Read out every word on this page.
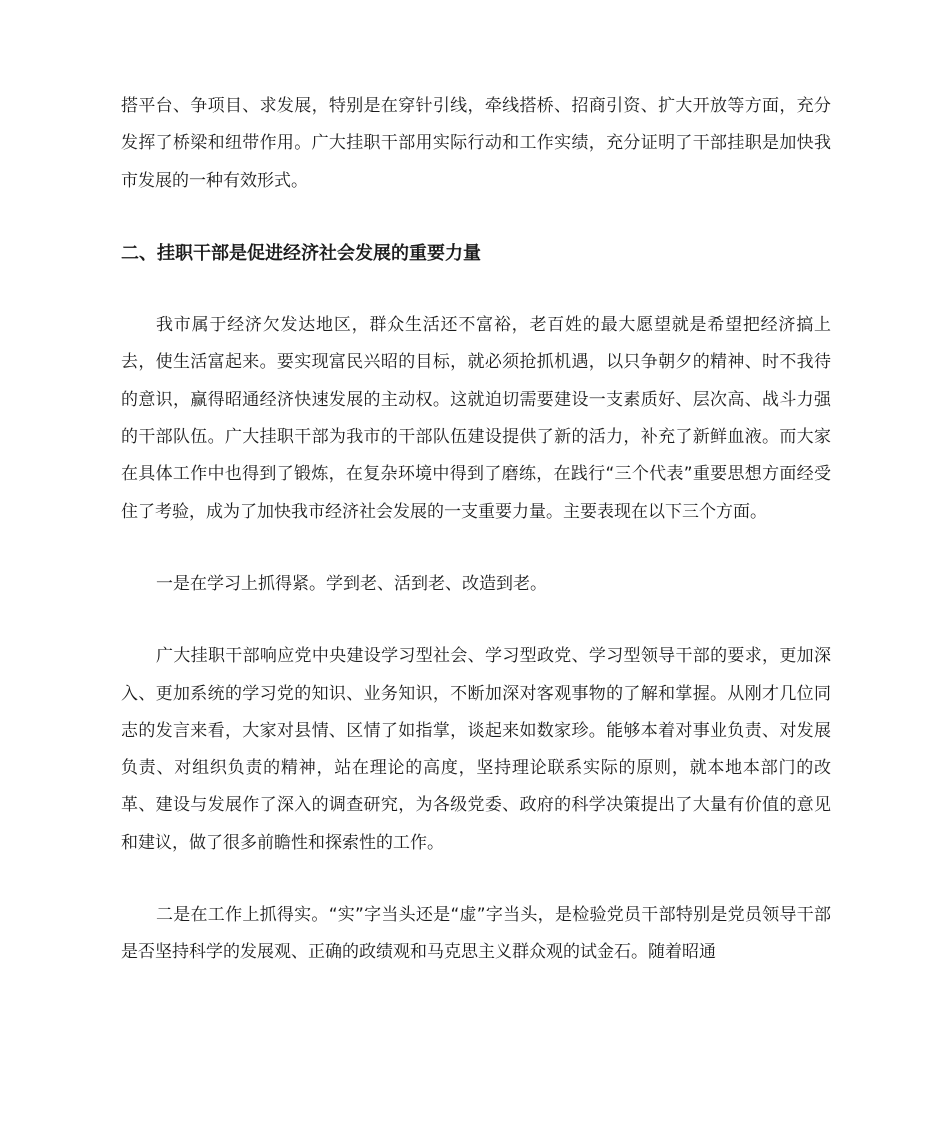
搭平台、争项目、求发展，特别是在穿针引线，牵线搭桥、招商引资、扩大开放等方面，充分发挥了桥梁和纽带作用。广大挂职干部用实际行动和工作实绩，充分证明了干部挂职是加快我市发展的一种有效形式。

二、挂职干部是促进经济社会发展的重要力量

我市属于经济欠发达地区，群众生活还不富裕，老百姓的最大愿望就是希望把经济搞上去，使生活富起来。要实现富民兴昭的目标，就必须抢抓机遇，以只争朝夕的精神、时不我待的意识，赢得昭通经济快速发展的主动权。这就迫切需要建设一支素质好、层次高、战斗力强的干部队伍。广大挂职干部为我市的干部队伍建设提供了新的活力，补充了新鲜血液。而大家在具体工作中也得到了锻炼，在复杂环境中得到了磨练，在践行“三个代表”重要思想方面经受住了考验，成为了加快我市经济社会发展的一支重要力量。主要表现在以下三个方面。

一是在学习上抓得紧。学到老、活到老、改造到老。

广大挂职干部响应党中央建设学习型社会、学习型政党、学习型领导干部的要求，更加深入、更加系统的学习党的知识、业务知识，不断加深对客观事物的了解和掌握。从刚才几位同志的发言来看，大家对县情、区情了如指掌，谈起来如数家珍。能够本着对事业负责、对发展负责、对组织负责的精神，站在理论的高度，坚持理论联系实际的原则，就本地本部门的改革、建设与发展作了深入的调查研究，为各级党委、政府的科学决策提出了大量有价值的意见和建议，做了很多前瞻性和探索性的工作。

二是在工作上抓得实。“实”字当头还是“虚”字当头，是检验党员干部特别是党员领导干部是否坚持科学的发展观、正确的政绩观和马克思主义群众观的试金石。随着昭通
